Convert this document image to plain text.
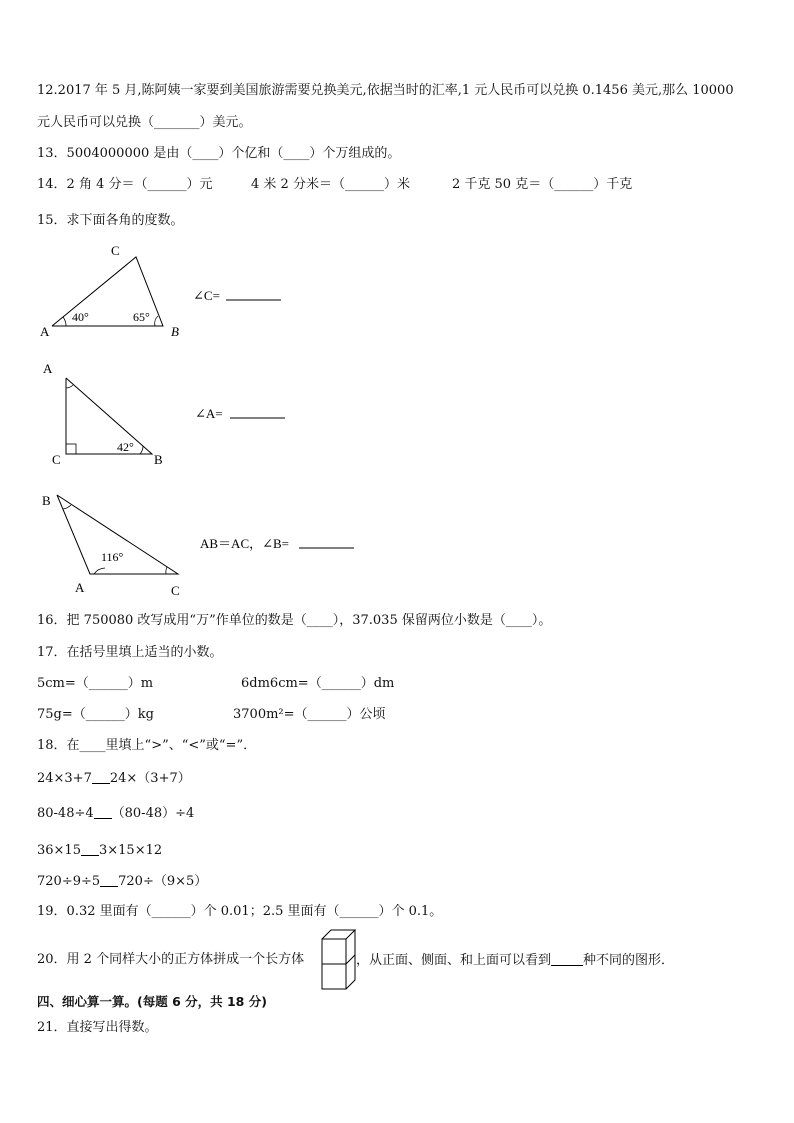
12.2017 年 5 月,陈阿姨一家要到美国旅游需要兑换美元,依据当时的汇率,1 元人民币可以兑换 0.1456 美元,那么 10000
元人民币可以兑换（_______）美元。
13．5004000000 是由（____）个亿和（____）个万组成的。
14．2 角 4 分＝（______）元	4 米 2 分米＝（______）米	2 千克 50 克＝（______）千克
15．求下面各角的度数。
A	B
C
40°	65°
∠C=
A
C	B
42°
∠A=
B
A	C
116°
AB＝AC，∠B=
16．把 750080 改写成用“万”作单位的数是（____），37.035 保留两位小数是（____）。
17．在括号里填上适当的小数。
5cm=（______）m	6dm6cm=（______）dm
75g=（______）kg	3700m²=（______）公顷
18．在____里填上“>”、“<”或“=”．
24×3+7 24×（3+7）
80-48÷4 （80-48）÷4
36×15 3×15×12
720÷9÷5 720÷（9×5）
19．0.32 里面有（______）个 0.01；2.5 里面有（______）个 0.1。
20．用 2 个同样大小的正方体拼成一个长方体	，从正面、侧面、和上面可以看到 种不同的图形．
四、细心算一算。(每题 6 分，共 18 分)
21．直接写出得数。
